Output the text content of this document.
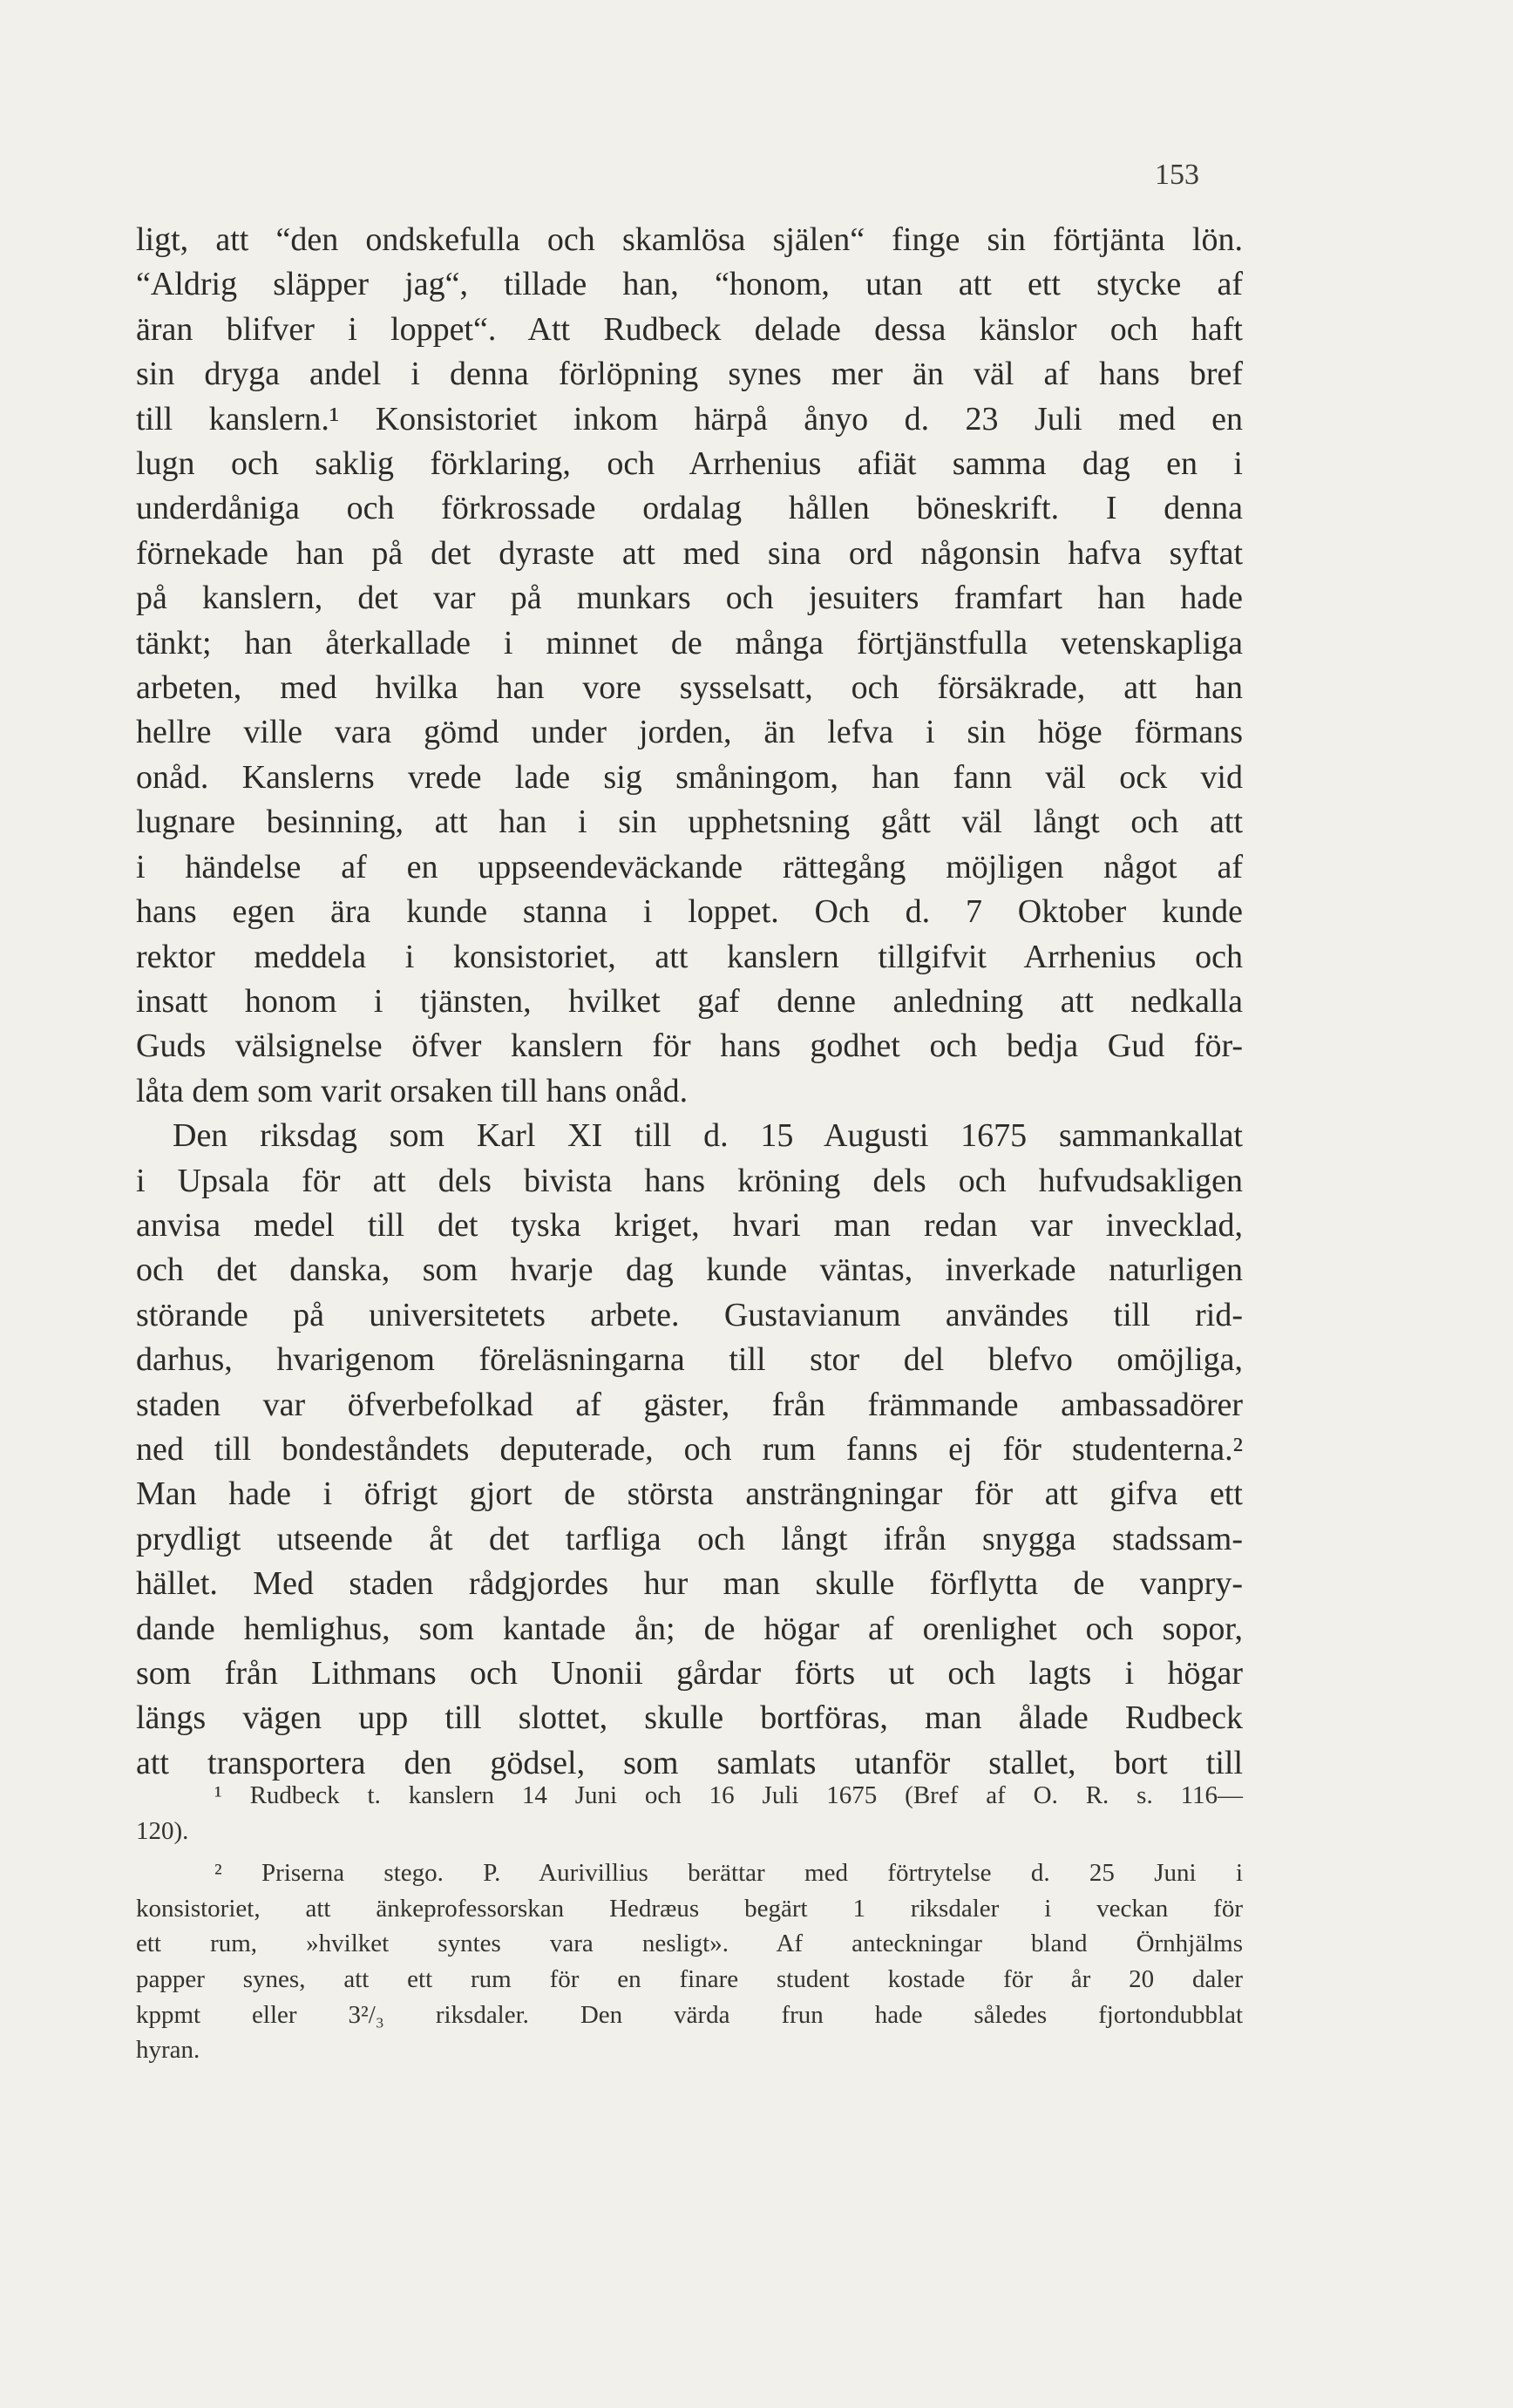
153
ligt, att “den ondskefulla och skamlösa själen“ finge sin förtjänta lön.
“Aldrig släpper jag“, tillade han, “honom, utan att ett stycke af
äran blifver i loppet“. Att Rudbeck delade dessa känslor och haft
sin dryga andel i denna förlöpning synes mer än väl af hans bref
till kanslern.¹ Konsistoriet inkom härpå ånyo d. 23 Juli med en
lugn och saklig förklaring, och Arrhenius afiät samma dag en i
underdåniga och förkrossade ordalag hållen böneskrift. I denna
förnekade han på det dyraste att med sina ord någonsin hafva syftat
på kanslern, det var på munkars och jesuiters framfart han hade
tänkt; han återkallade i minnet de många förtjänstfulla vetenskapliga
arbeten, med hvilka han vore sysselsatt, och försäkrade, att han
hellre ville vara gömd under jorden, än lefva i sin höge förmans
onåd. Kanslerns vrede lade sig småningom, han fann väl ock vid
lugnare besinning, att han i sin upphetsning gått väl långt och att
i händelse af en uppseendeväckande rättegång möjligen något af
hans egen ära kunde stanna i loppet. Och d. 7 Oktober kunde
rektor meddela i konsistoriet, att kanslern tillgifvit Arrhenius och
insatt honom i tjänsten, hvilket gaf denne anledning att nedkalla
Guds välsignelse öfver kanslern för hans godhet och bedja Gud för-
låta dem som varit orsaken till hans onåd.
Den riksdag som Karl XI till d. 15 Augusti 1675 sammankallat
i Upsala för att dels bivista hans kröning dels och hufvudsakligen
anvisa medel till det tyska kriget, hvari man redan var invecklad,
och det danska, som hvarje dag kunde väntas, inverkade naturligen
störande på universitetets arbete. Gustavianum användes till rid-
darhus, hvarigenom föreläsningarna till stor del blefvo omöjliga,
staden var öfverbefolkad af gäster, från främmande ambassadörer
ned till bondeståndets deputerade, och rum fanns ej för studenterna.²
Man hade i öfrigt gjort de största ansträngningar för att gifva ett
prydligt utseende åt det tarfliga och långt ifrån snygga stadssam-
hället. Med staden rådgjordes hur man skulle förflytta de vanpry-
dande hemlighus, som kantade ån; de högar af orenlighet och sopor,
som från Lithmans och Unonii gårdar förts ut och lagts i högar
längs vägen upp till slottet, skulle bortföras, man ålade Rudbeck
att transportera den gödsel, som samlats utanför stallet, bort till
¹ Rudbeck t. kanslern 14 Juni och 16 Juli 1675 (Bref af O. R. s. 116—
120).
² Priserna stego. P. Aurivillius berättar med förtrytelse d. 25 Juni i
konsistoriet, att änkeprofessorskan Hedræus begärt 1 riksdaler i veckan för
ett rum, »hvilket syntes vara nesligt». Af anteckningar bland Örnhjälms
papper synes, att ett rum för en finare student kostade för år 20 daler
kppmt eller 3²/₃ riksdaler. Den värda frun hade således fjortondubblat
hyran.
